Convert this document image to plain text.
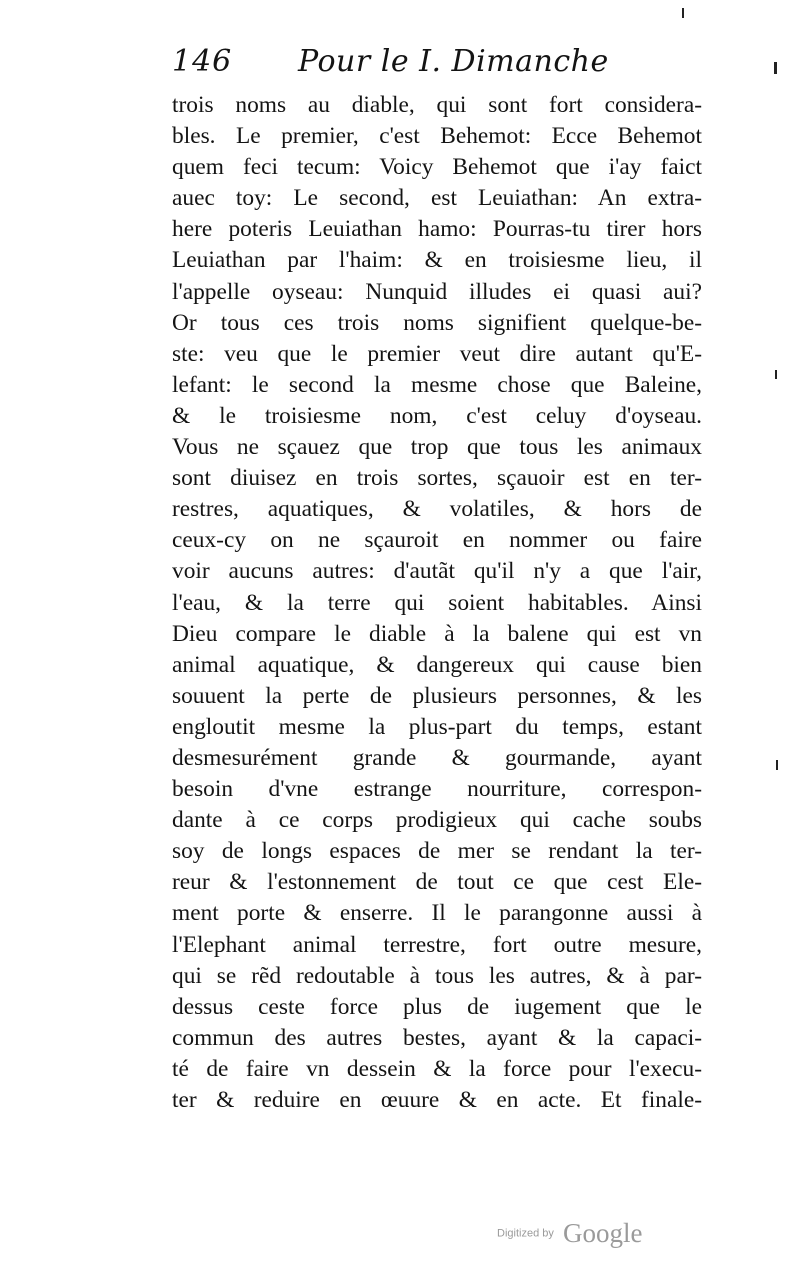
146 Pour le I. Dimanche
trois noms au diable, qui sont fort considera-
bles. Le premier, c'est Behemot: Ecce Behemot
quem feci tecum: Voicy Behemot que i'ay faict
auec toy: Le second, est Leuiathan: An extra-
here poteris Leuiathan hamo: Pourras-tu tirer hors
Leuiathan par l'haim: & en troisiesme lieu, il
l'appelle oyseau: Nunquid illudes ei quasi aui?
Or tous ces trois noms signifient quelque-be-
ste: veu que le premier veut dire autant qu'E-
lefant: le second la mesme chose que Baleine,
& le troisiesme nom, c'est celuy d'oyseau.
Vous ne sçauez que trop que tous les animaux
sont diuisez en trois sortes, sçauoir est en ter-
restres, aquatiques, & volatiles, & hors de
ceux-cy on ne sçauroit en nommer ou faire
voir aucuns autres: d'autãt qu'il n'y a que l'air,
l'eau, & la terre qui soient habitables. Ainsi
Dieu compare le diable à la balene qui est vn
animal aquatique, & dangereux qui cause bien
souuent la perte de plusieurs personnes, & les
engloutit mesme la plus-part du temps, estant
desmesurément grande & gourmande, ayant
besoin d'vne estrange nourriture, correspon-
dante à ce corps prodigieux qui cache soubs
soy de longs espaces de mer se rendant la ter-
reur & l'estonnement de tout ce que cest Ele-
ment porte & enserre. Il le parangonne aussi à
l'Elephant animal terrestre, fort outre mesure,
qui se rẽd redoutable à tous les autres, & à par-
dessus ceste force plus de iugement que le
commun des autres bestes, ayant & la capaci-
té de faire vn dessein & la force pour l'execu-
ter & reduire en œuure & en acte. Et finale-
Digitized by Google
